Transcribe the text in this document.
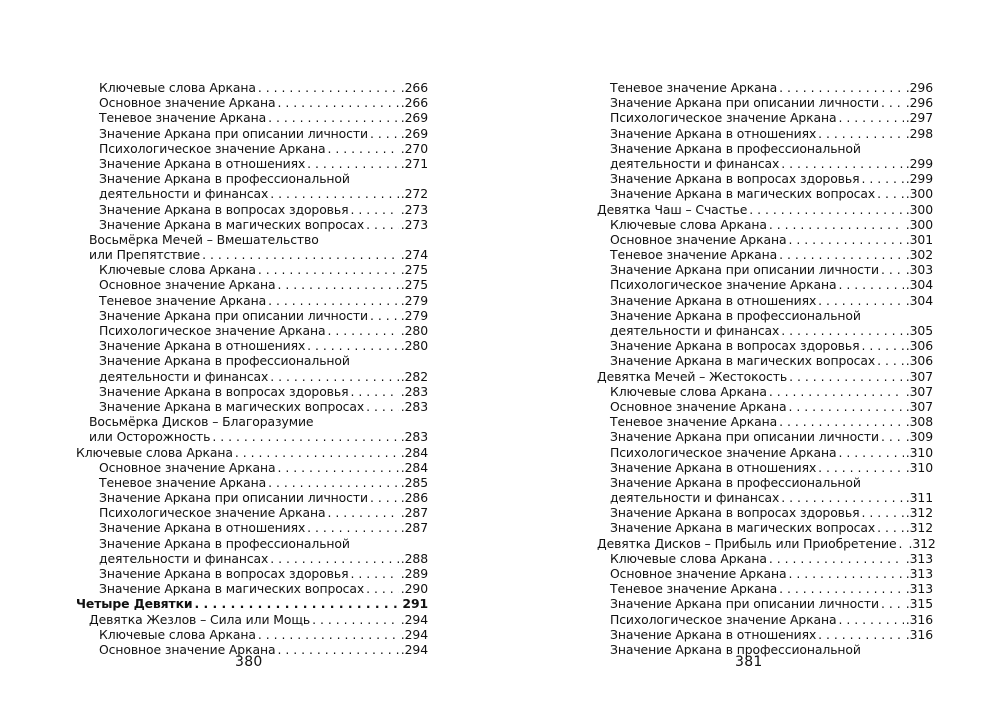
Ключевые слова Аркана . . .	.266
Основное значение Аркана . . .	.266
Теневое значение Аркана . . .	.269
Значение Аркана при описании личности . . .	.269
Психологическое значение Аркана . . .	.270
Значение Аркана в отношениях . . .	.271
Значение Аркана в профессиональной
деятельности и финансах . . .	.272
Значение Аркана в вопросах здоровья . . .	.273
Значение Аркана в магических вопросах . . .	.273
Восьмёрка Мечей – Вмешательство
или Препятствие . . .	.274
Ключевые слова Аркана . . .	.275
Основное значение Аркана . . .	.275
Теневое значение Аркана . . .	.279
Значение Аркана при описании личности . . .	.279
Психологическое значение Аркана . . .	.280
Значение Аркана в отношениях . . .	.280
Значение Аркана в профессиональной
деятельности и финансах . . .	.282
Значение Аркана в вопросах здоровья . . .	.283
Значение Аркана в магических вопросах . . .	.283
Восьмёрка Дисков – Благоразумие
или Осторожность . . .	.283
Ключевые слова Аркана . . .	.284
Основное значение Аркана . . .	.284
Теневое значение Аркана . . .	.285
Значение Аркана при описании личности . . .	.286
Психологическое значение Аркана . . .	.287
Значение Аркана в отношениях . . .	.287
Значение Аркана в профессиональной
деятельности и финансах . . .	.288
Значение Аркана в вопросах здоровья . . .	.289
Значение Аркана в магических вопросах . . .	.290
Четыре Девятки . . .	291
Девятка Жезлов – Сила или Мощь . . .	.294
Ключевые слова Аркана . . .	.294
Основное значение Аркана . . .	.294
380
Теневое значение Аркана . . .	.296
Значение Аркана при описании личности . . . .296
Психологическое значение Аркана . . .	.297
Значение Аркана в отношениях . . .	.298
Значение Аркана в профессиональной
деятельности и финансах . . .	.299
Значение Аркана в вопросах здоровья . . .	.299
Значение Аркана в магических вопросах . . . .300
Девятка Чаш – Счастье . . .	.300
Ключевые слова Аркана . . .	.300
Основное значение Аркана . . .	.301
Теневое значение Аркана . . .	.302
Значение Аркана при описании личности . . . .303
Психологическое значение Аркана . . .	.304
Значение Аркана в отношениях . . .	.304
Значение Аркана в профессиональной
деятельности и финансах . . .	.305
Значение Аркана в вопросах здоровья . . .	.306
Значение Аркана в магических вопросах . . . .306
Девятка Мечей – Жестокость . . .	.307
Ключевые слова Аркана . . .	.307
Основное значение Аркана . . .	.307
Теневое значение Аркана . . .	.308
Значение Аркана при описании личности . . . .309
Психологическое значение Аркана . . .	.310
Значение Аркана в отношениях . . .	.310
Значение Аркана в профессиональной
деятельности и финансах . . .	.311
Значение Аркана в вопросах здоровья . . .	.312
Значение Аркана в магических вопросах . . . .312
Девятка Дисков – Прибыль или Приобретение . . . .312
Ключевые слова Аркана . . .	.313
Основное значение Аркана . . .	.313
Теневое значение Аркана . . .	.313
Значение Аркана при описании личности . . . .315
Психологическое значение Аркана . . .	.316
Значение Аркана в отношениях . . .	.316
Значение Аркана в профессиональной
381
